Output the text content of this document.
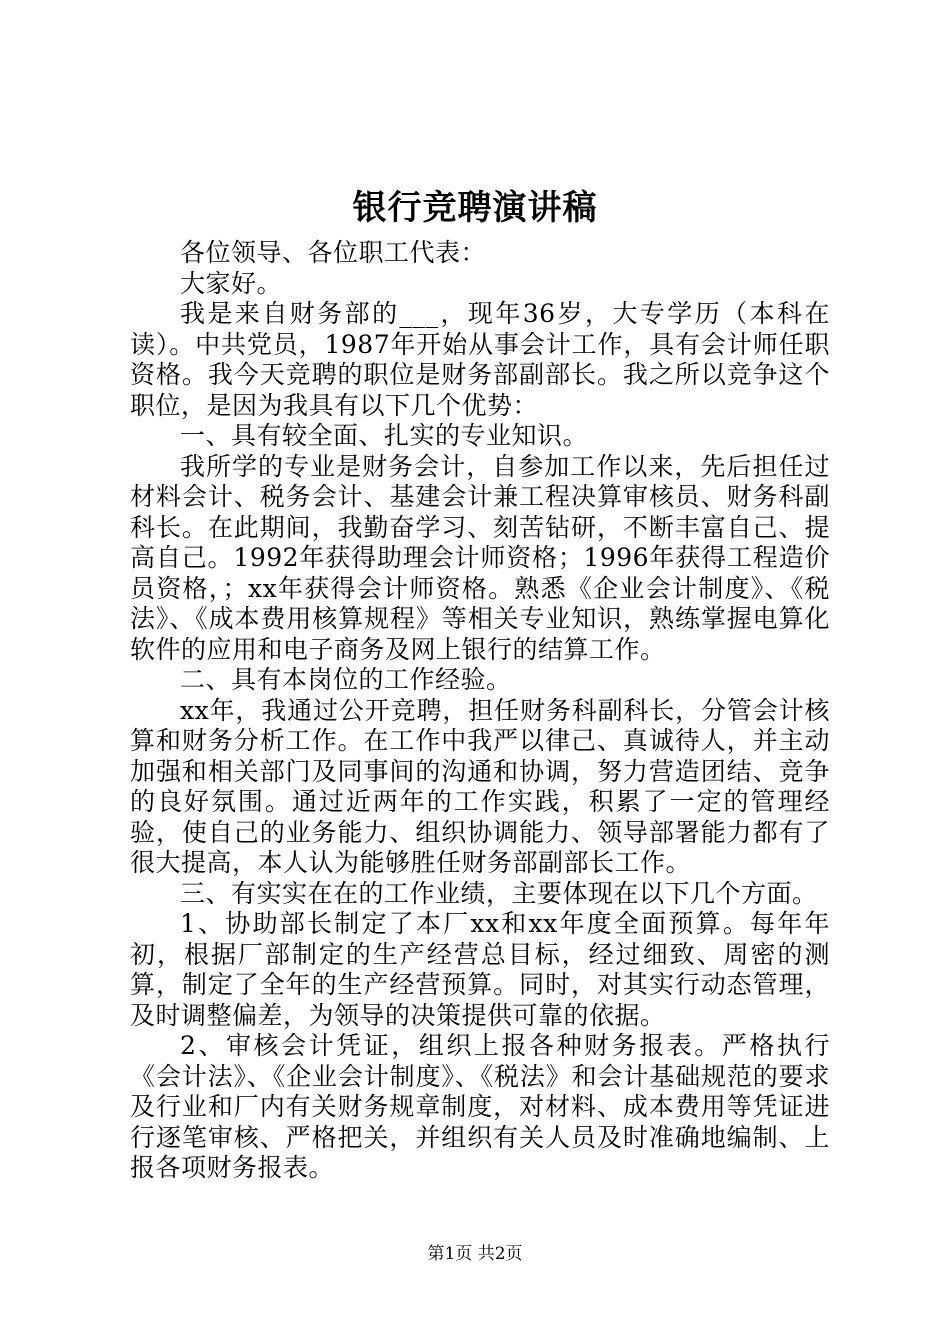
银行竞聘演讲稿

各位领导、各位职工代表：

大家好。

我是来自财务部的___，现年36岁，大专学历（本科在读）。中共党员，1987年开始从事会计工作，具有会计师任职资格。我今天竞聘的职位是财务部副部长。我之所以竞争这个职位，是因为我具有以下几个优势：

一、具有较全面、扎实的专业知识。

我所学的专业是财务会计，自参加工作以来，先后担任过材料会计、税务会计、基建会计兼工程决算审核员、财务科副科长。在此期间，我勤奋学习、刻苦钻研，不断丰富自己、提高自己。1992年获得助理会计师资格；1996年获得工程造价员资格，；xx年获得会计师资格。熟悉《企业会计制度》、《税法》、《成本费用核算规程》等相关专业知识，熟练掌握电算化软件的应用和电子商务及网上银行的结算工作。

二、具有本岗位的工作经验。

xx年，我通过公开竞聘，担任财务科副科长，分管会计核算和财务分析工作。在工作中我严以律己、真诚待人，并主动加强和相关部门及同事间的沟通和协调，努力营造团结、竞争的良好氛围。通过近两年的工作实践，积累了一定的管理经验，使自己的业务能力、组织协调能力、领导部署能力都有了很大提高，本人认为能够胜任财务部副部长工作。

三、有实实在在的工作业绩，主要体现在以下几个方面。

1、协助部长制定了本厂xx和xx年度全面预算。每年年初，根据厂部制定的生产经营总目标，经过细致、周密的测算，制定了全年的生产经营预算。同时，对其实行动态管理，及时调整偏差，为领导的决策提供可靠的依据。

2、审核会计凭证，组织上报各种财务报表。严格执行《会计法》、《企业会计制度》、《税法》和会计基础规范的要求及行业和厂内有关财务规章制度，对材料、成本费用等凭证进行逐笔审核、严格把关，并组织有关人员及时准确地编制、上报各项财务报表。

第1页 共2页
